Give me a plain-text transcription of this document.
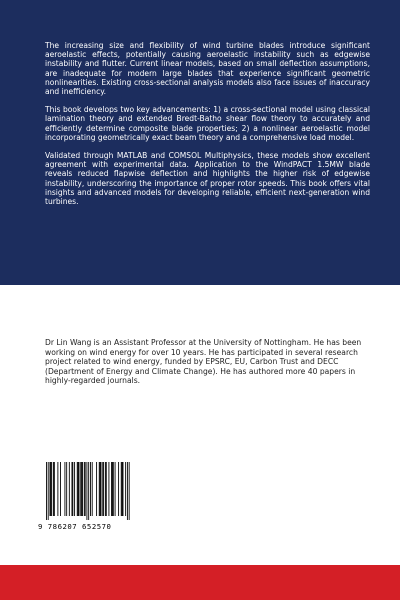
The increasing size and flexibility of wind turbine blades introduce significant aeroelastic effects, potentially causing aeroelastic instability such as edgewise instability and flutter. Current linear models, based on small deflection assumptions, are inadequate for modern large blades that experience significant geometric nonlinearities. Existing cross-sectional analysis models also face issues of inaccuracy and inefficiency.

This book develops two key advancements: 1) a cross-sectional model using classical lamination theory and extended Bredt-Batho shear flow theory to accurately and efficiently determine composite blade properties; 2) a nonlinear aeroelastic model incorporating geometrically exact beam theory and a comprehensive load model.

Validated through MATLAB and COMSOL Multiphysics, these models show excellent agreement with experimental data. Application to the WindPACT 1.5MW blade reveals reduced flapwise deflection and highlights the higher risk of edgewise instability, underscoring the importance of proper rotor speeds. This book offers vital insights and advanced models for developing reliable, efficient next-generation wind turbines.

Dr Lin Wang is an Assistant Professor at the University of Nottingham. He has been working on wind energy for over 10 years. He has participated in several research project related to wind energy, funded by EPSRC, EU, Carbon Trust and DECC (Department of Energy and Climate Change). He has authored more 40 papers in highly-regarded journals.
9 786207 652570
